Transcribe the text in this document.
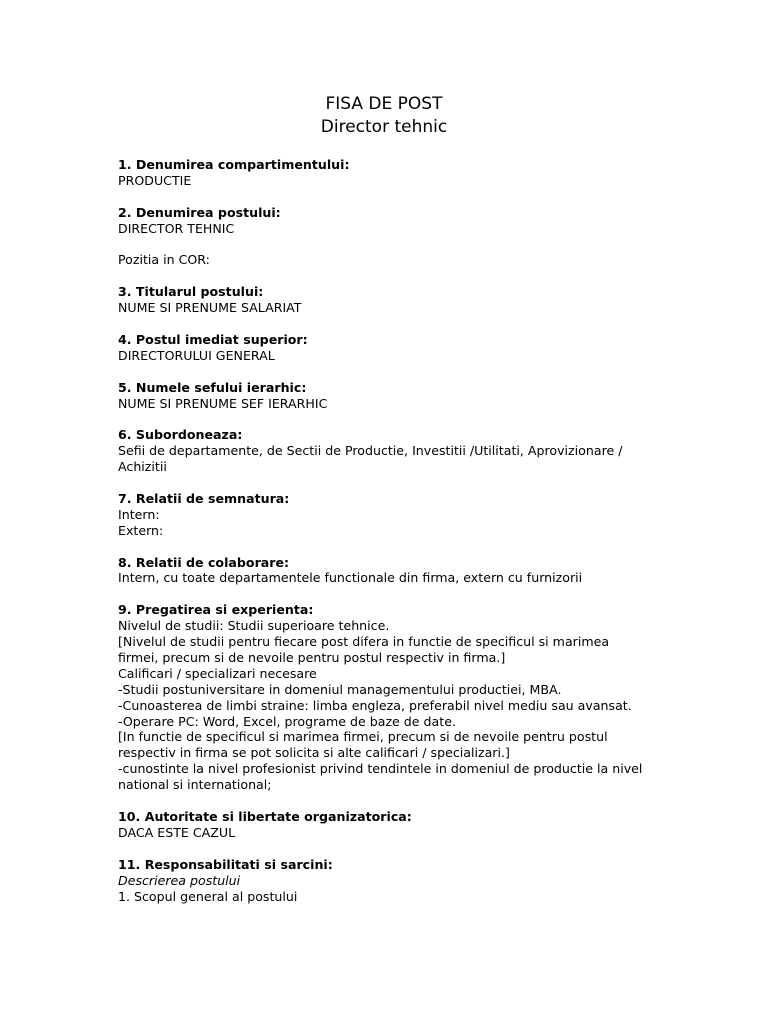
FISA DE POST
Director tehnic
1. Denumirea compartimentului:
PRODUCTIE
2. Denumirea postului:
DIRECTOR TEHNIC
Pozitia in COR:
3. Titularul postului:
NUME SI PRENUME SALARIAT
4. Postul imediat superior:
DIRECTORULUI GENERAL
5. Numele sefului ierarhic:
NUME SI PRENUME SEF IERARHIC
6. Subordoneaza:
Sefii de departamente, de Sectii de Productie, Investitii /Utilitati, Aprovizionare / Achizitii
7. Relatii de semnatura:
Intern:
Extern:
8. Relatii de colaborare:
Intern, cu toate departamentele functionale din firma, extern cu furnizorii
9. Pregatirea si experienta:
Nivelul de studii: Studii superioare tehnice.
[Nivelul de studii pentru fiecare post difera in functie de specificul si marimea firmei, precum si de nevoile pentru postul respectiv in firma.]
Calificari / specializari necesare
-Studii postuniversitare in domeniul managementului productiei, MBA.
-Cunoasterea de limbi straine: limba engleza, preferabil nivel mediu sau avansat.
-Operare PC: Word, Excel, programe de baze de date.
[In functie de specificul si marimea firmei, precum si de nevoile pentru postul respectiv in firma se pot solicita si alte calificari / specializari.]
-cunostinte la nivel profesionist privind tendintele in domeniul de productie la nivel national si international;
10. Autoritate si libertate organizatorica:
DACA ESTE CAZUL
11. Responsabilitati si sarcini:
Descrierea postului
1. Scopul general al postului
